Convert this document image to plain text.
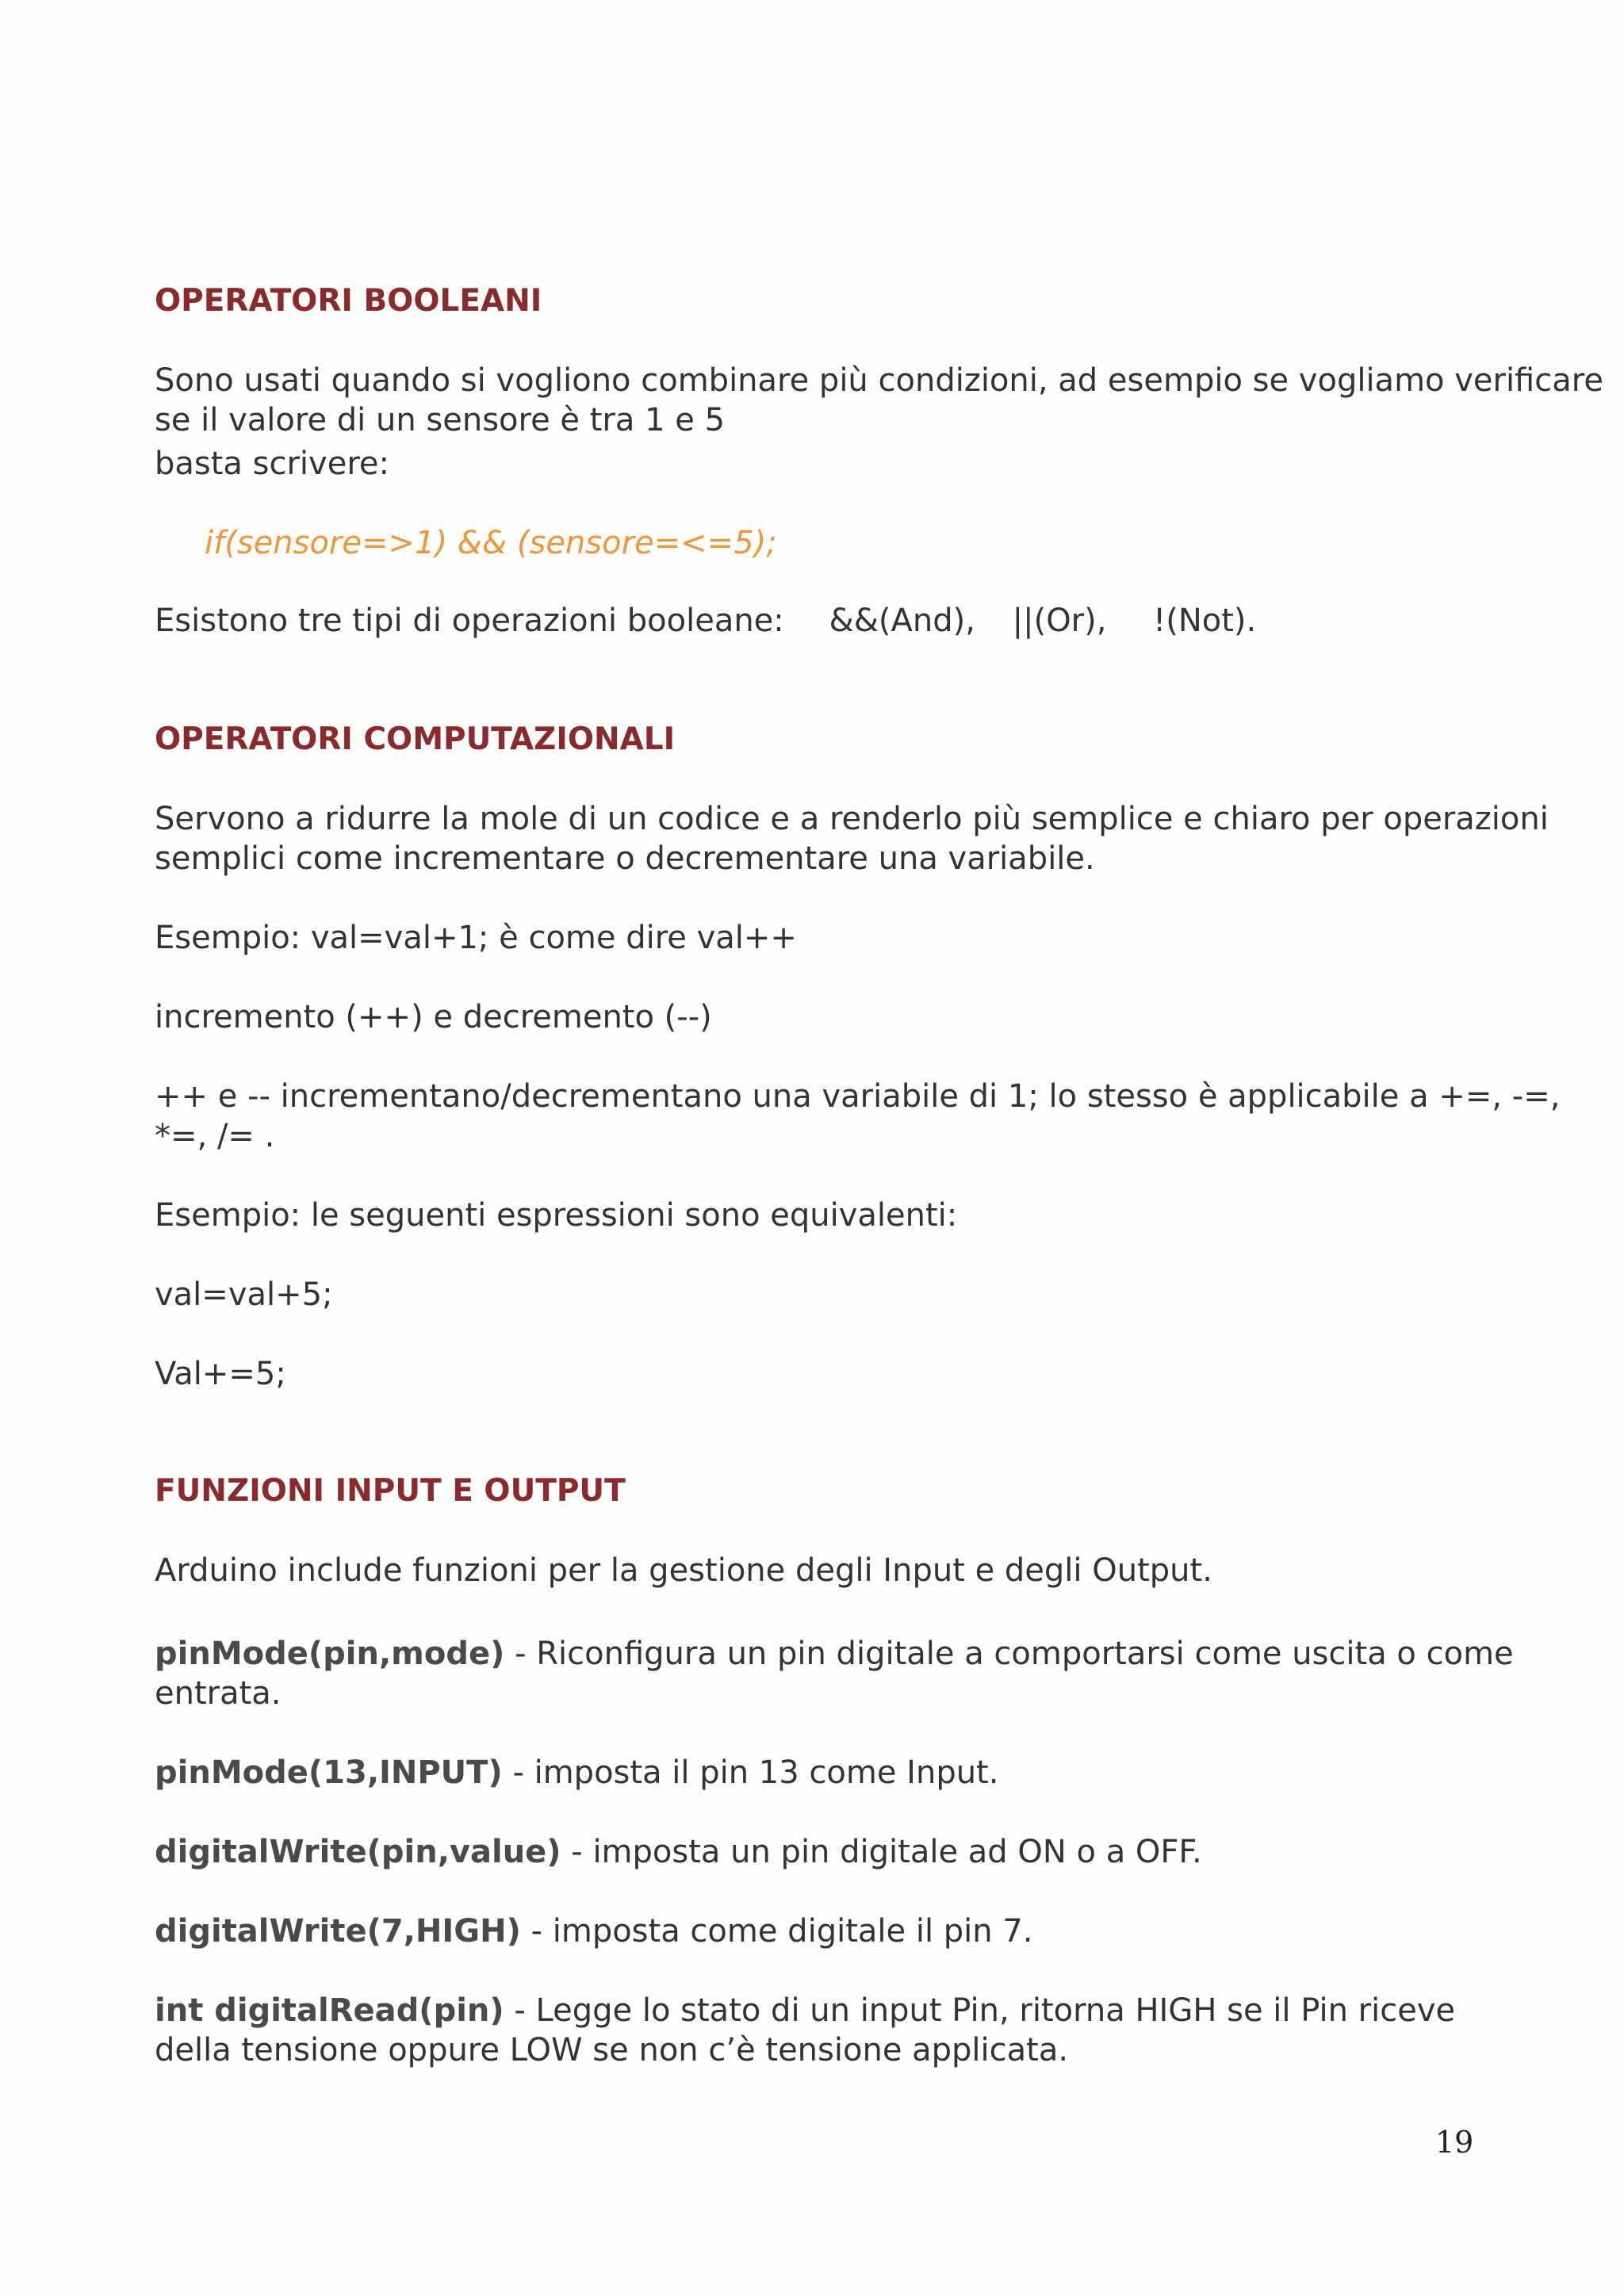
OPERATORI BOOLEANI

Sono usati quando si vogliono combinare più condizioni, ad esempio se vogliamo verificare

se il valore di un sensore è tra 1 e 5

basta scrivere:

if(sensore=>1) && (sensore=<=5);

Esistono tre tipi di operazioni booleane: &&(And), ||(Or), !(Not).

OPERATORI COMPUTAZIONALI

Servono a ridurre la mole di un codice e a renderlo più semplice e chiaro per operazioni

semplici come incrementare o decrementare una variabile.

Esempio: val=val+1; è come dire val++

incremento (++) e decremento (--)

++ e -- incrementano/decrementano una variabile di 1; lo stesso è applicabile a +=, -=,

*=, /= .

Esempio: le seguenti espressioni sono equivalenti:

val=val+5;

Val+=5;

FUNZIONI INPUT E OUTPUT

Arduino include funzioni per la gestione degli Input e degli Output.

pinMode(pin,mode) - Riconfigura un pin digitale a comportarsi come uscita o come

entrata.

pinMode(13,INPUT) - imposta il pin 13 come Input.

digitalWrite(pin,value) - imposta un pin digitale ad ON o a OFF.

digitalWrite(7,HIGH) - imposta come digitale il pin 7.

int digitalRead(pin) - Legge lo stato di un input Pin, ritorna HIGH se il Pin riceve

della tensione oppure LOW se non c’è tensione applicata.

19
